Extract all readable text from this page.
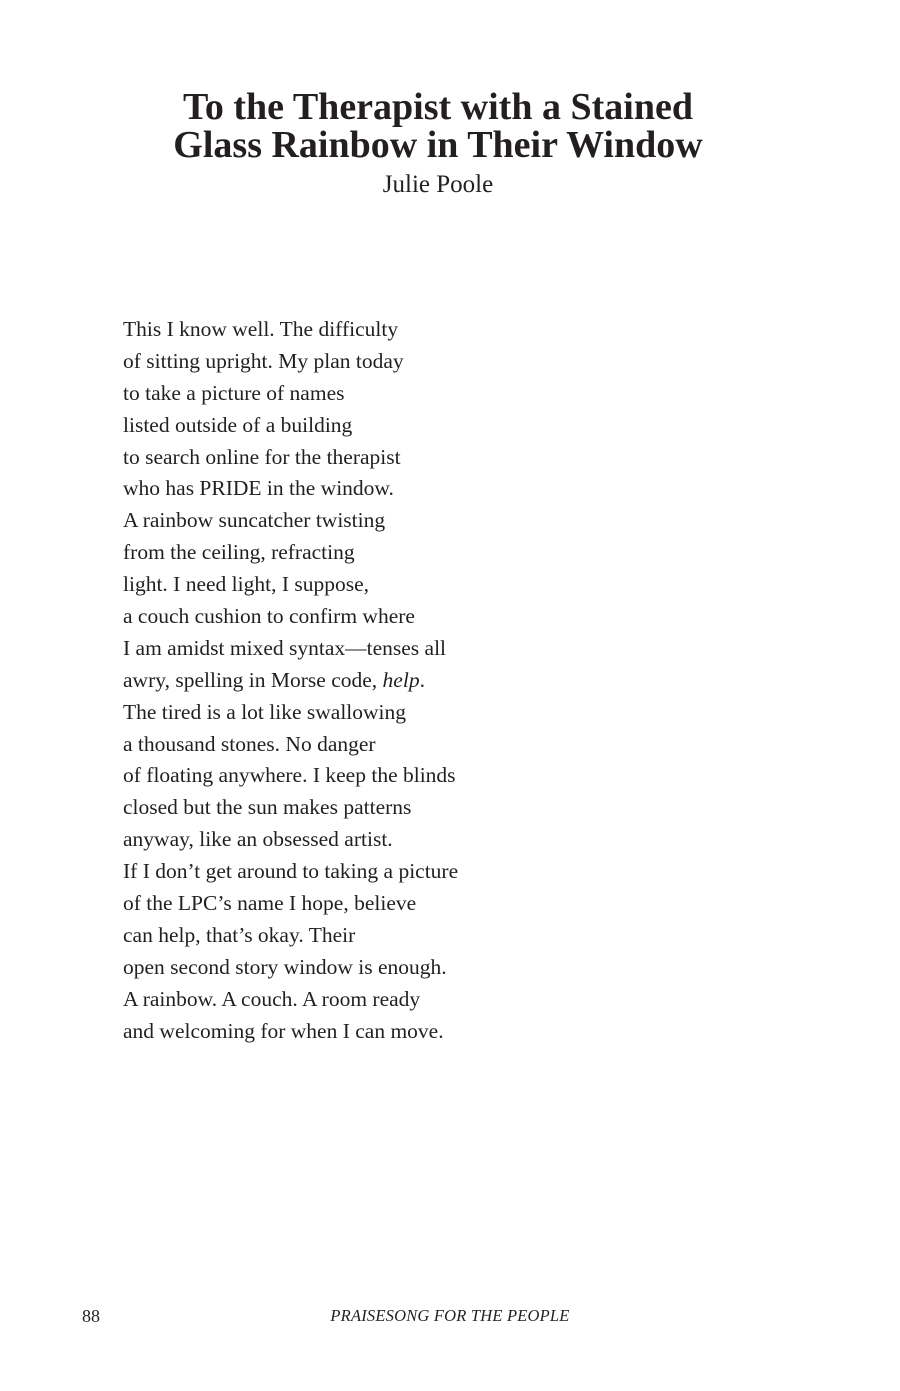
To the Therapist with a Stained
Glass Rainbow in Their Window

Julie Poole

This I know well. The difficulty
of sitting upright. My plan today
to take a picture of names
listed outside of a building
to search online for the therapist
who has PRIDE in the window.
A rainbow suncatcher twisting
from the ceiling, refracting
light. I need light, I suppose,
a couch cushion to confirm where
I am amidst mixed syntax—tenses all
awry, spelling in Morse code, help.
The tired is a lot like swallowing
a thousand stones. No danger
of floating anywhere. I keep the blinds
closed but the sun makes patterns
anyway, like an obsessed artist.
If I don’t get around to taking a picture
of the LPC’s name I hope, believe
can help, that’s okay. Their
open second story window is enough.
A rainbow. A couch. A room ready
and welcoming for when I can move.
88	PRAISESONG FOR THE PEOPLE
